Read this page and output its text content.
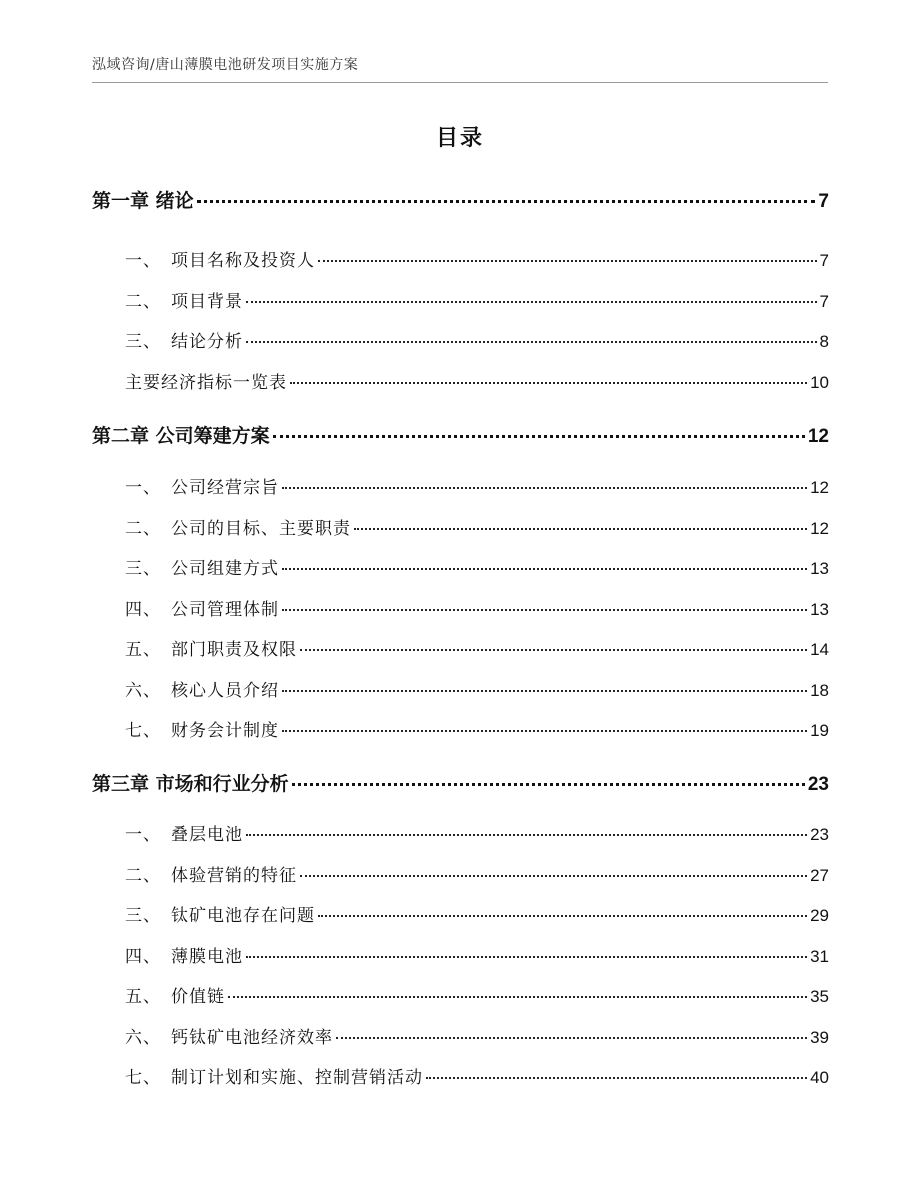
泓域咨询/唐山薄膜电池研发项目实施方案
目录
第一章 绪论	7
一、 项目名称及投资人	7
二、 项目背景	7
三、 结论分析	8
主要经济指标一览表	10
第二章 公司筹建方案	12
一、 公司经营宗旨	12
二、 公司的目标、主要职责	12
三、 公司组建方式	13
四、 公司管理体制	13
五、 部门职责及权限	14
六、 核心人员介绍	18
七、 财务会计制度	19
第三章 市场和行业分析	23
一、 叠层电池	23
二、 体验营销的特征	27
三、 钛矿电池存在问题	29
四、 薄膜电池	31
五、 价值链	35
六、 钙钛矿电池经济效率	39
七、 制订计划和实施、控制营销活动	40
